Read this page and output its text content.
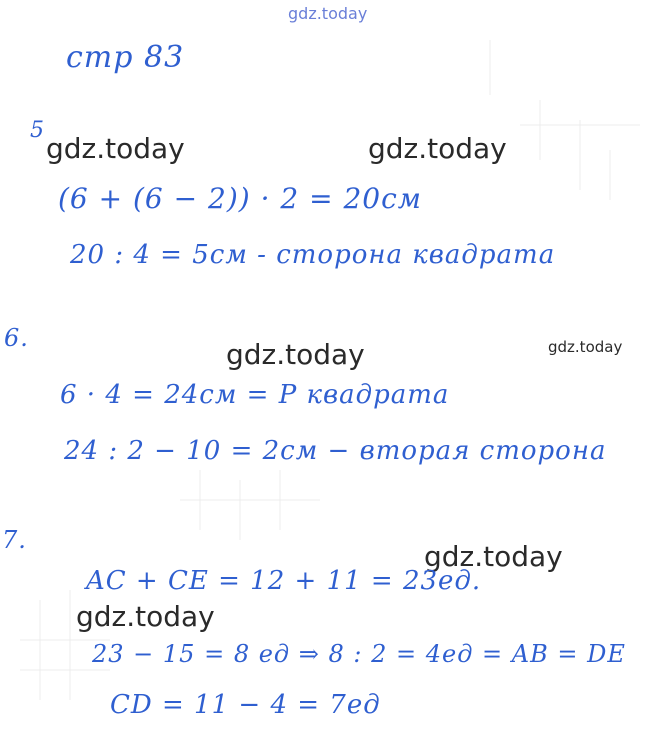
gdz.today
стр 83
5
gdz.today	gdz.today
(6 + (6 − 2)) · 2 = 20см
20 : 4 = 5см - сторона квадрата
6.	gdz.today	gdz.today
6 · 4 = 24см = P квадрата
24 : 2 − 10 = 2см − вторая сторона
7.	gdz.today
AC + CE = 12 + 11 = 23ед.
gdz.today
23 − 15 = 8 ед ⇒ 8 : 2 = 4ед = AB = DE
CD = 11 − 4 = 7ед
